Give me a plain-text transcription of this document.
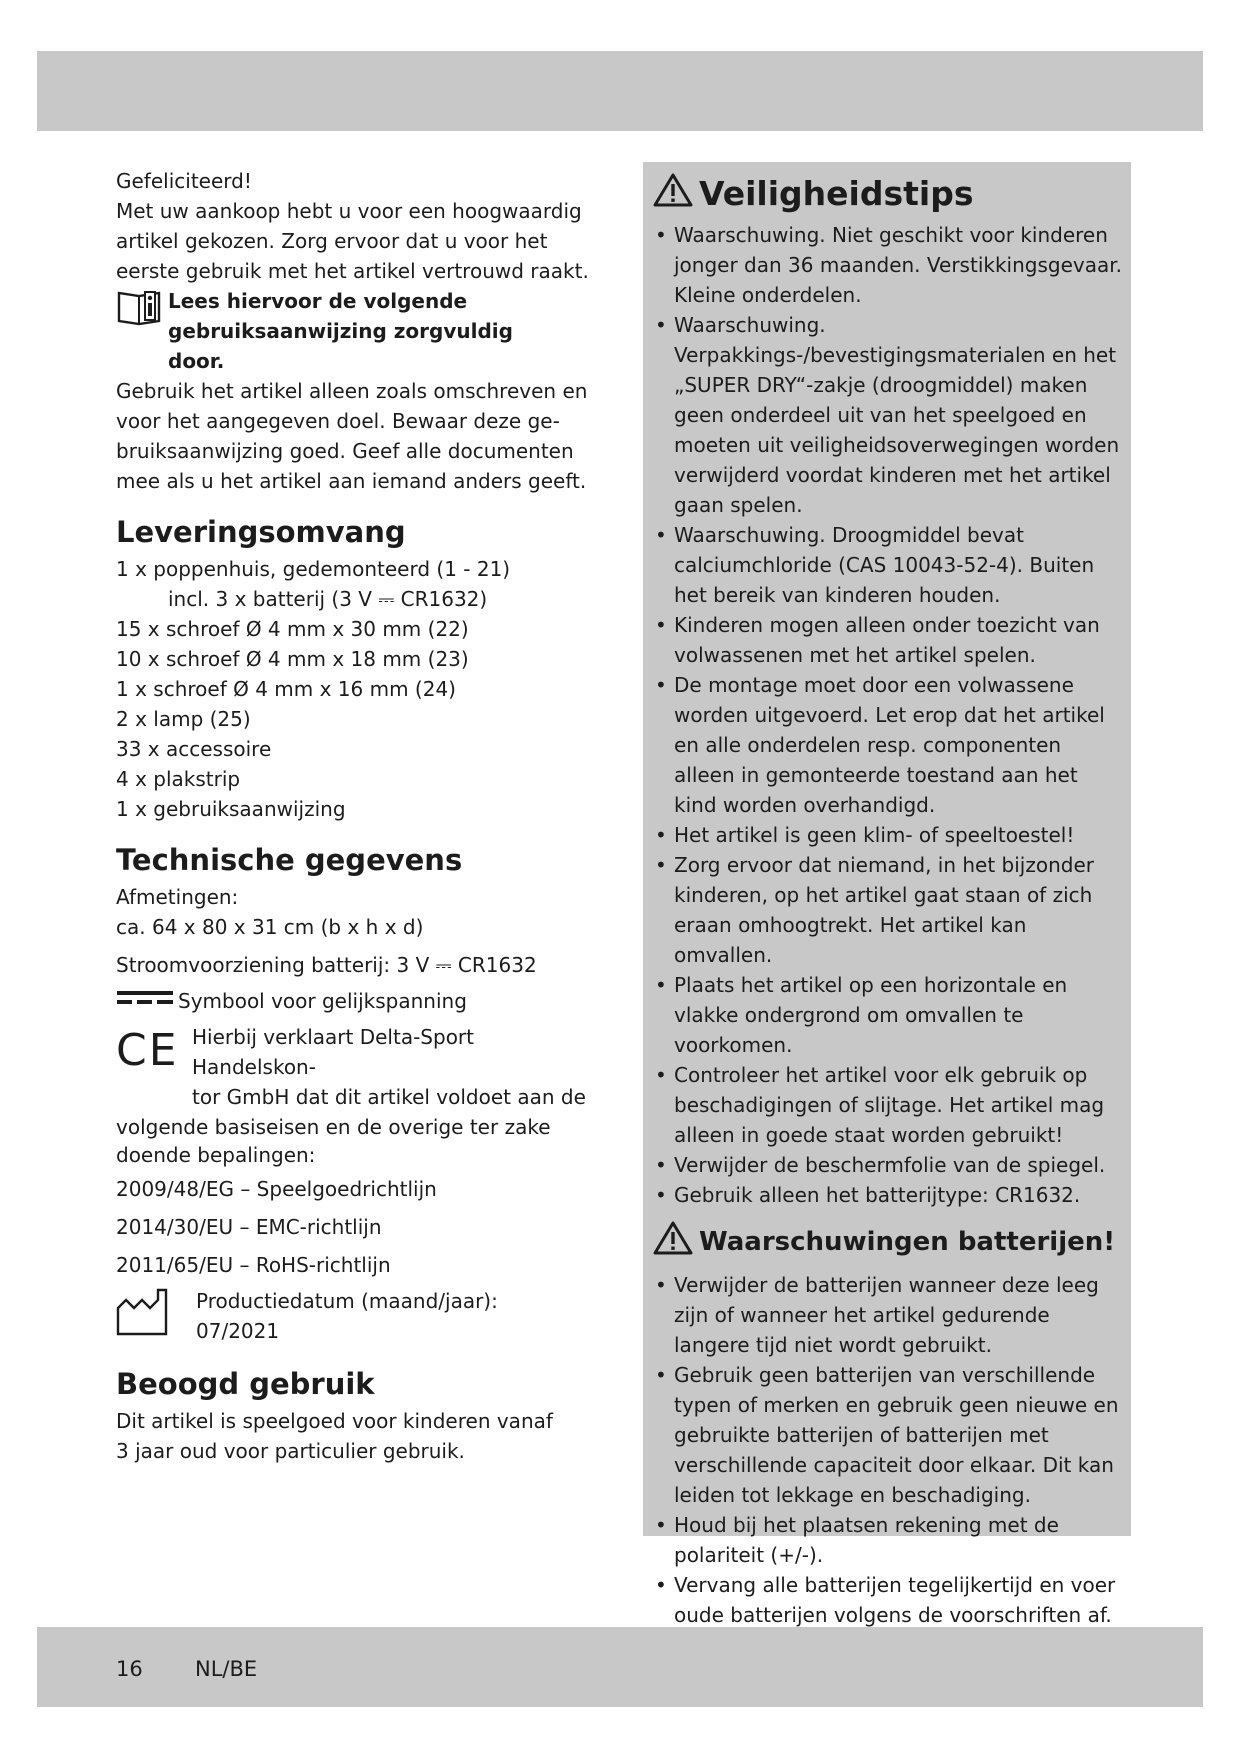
Gefeliciteerd!

Met uw aankoop hebt u voor een hoogwaardig

artikel gekozen. Zorg ervoor dat u voor het

eerste gebruik met het artikel vertrouwd raakt.

Lees hiervoor de volgende

gebruiksaanwijzing zorgvuldig

door.

Gebruik het artikel alleen zoals omschreven en

voor het aangegeven doel. Bewaar deze ge-

bruiksaanwijzing goed. Geef alle documenten

mee als u het artikel aan iemand anders geeft.

Leveringsomvang
1 x poppenhuis, gedemonteerd (1 - 21)
incl. 3 x batterij (3 V ⎓ CR1632)
15 x schroef Ø 4 mm x 30 mm (22)
10 x schroef Ø 4 mm x 18 mm (23)
1 x schroef Ø 4 mm x 16 mm (24)
2 x lamp (25)
33 x accessoire
4 x plakstrip
1 x gebruiksaanwijzing
Technische gegevens

Afmetingen:

ca. 64 x 80 x 31 cm (b x h x d)

Stroomvoorziening batterij: 3 V ⎓ CR1632

Symbool voor gelijkspanning
CE Hierbij verklaart Delta-Sport Handelskon-

tor GmbH dat dit artikel voldoet aan de

volgende basiseisen en de overige ter zake

doende bepalingen:

2009/48/EG – Speelgoedrichtlijn

2014/30/EU – EMC-richtlijn

2011/65/EU – RoHS-richtlijn

Productiedatum (maand/jaar):

07/2021

Beoogd gebruik

Dit artikel is speelgoed voor kinderen vanaf

3 jaar oud voor particulier gebruik.

Veiligheidstips
• Waarschuwing. Niet geschikt voor kinderen jonger dan 36 maanden. Verstikkingsgevaar. Kleine onderdelen.
• Waarschuwing. Verpakkings-/bevestigingsmaterialen en het „SUPER DRY“-zakje (droogmiddel) maken geen onderdeel uit van het speelgoed en moeten uit veiligheidsoverwegingen worden verwijderd voordat kinderen met het artikel gaan spelen.
• Waarschuwing. Droogmiddel bevat calciumchloride (CAS 10043-52-4). Buiten het bereik van kinderen houden.
• Kinderen mogen alleen onder toezicht van volwassenen met het artikel spelen.
• De montage moet door een volwassene worden uitgevoerd. Let erop dat het artikel en alle onderdelen resp. componenten alleen in gemonteerde toestand aan het kind worden overhandigd.
• Het artikel is geen klim- of speeltoestel!
• Zorg ervoor dat niemand, in het bijzonder kinderen, op het artikel gaat staan of zich eraan omhoogtrekt. Het artikel kan omvallen.
• Plaats het artikel op een horizontale en vlakke ondergrond om omvallen te voorkomen.
• Controleer het artikel voor elk gebruik op beschadigingen of slijtage. Het artikel mag alleen in goede staat worden gebruikt!
• Verwijder de beschermfolie van de spiegel.
• Gebruik alleen het batterijtype: CR1632.
Waarschuwingen batterijen!
• Verwijder de batterijen wanneer deze leeg zijn of wanneer het artikel gedurende langere tijd niet wordt gebruikt.
• Gebruik geen batterijen van verschillende typen of merken en gebruik geen nieuwe en gebruikte batterijen of batterijen met verschillende capaciteit door elkaar. Dit kan leiden tot lekkage en beschadiging.
• Houd bij het plaatsen rekening met de polariteit (+/-).
• Vervang alle batterijen tegelijkertijd en voer oude batterijen volgens de voorschriften af.
16 NL/BE
